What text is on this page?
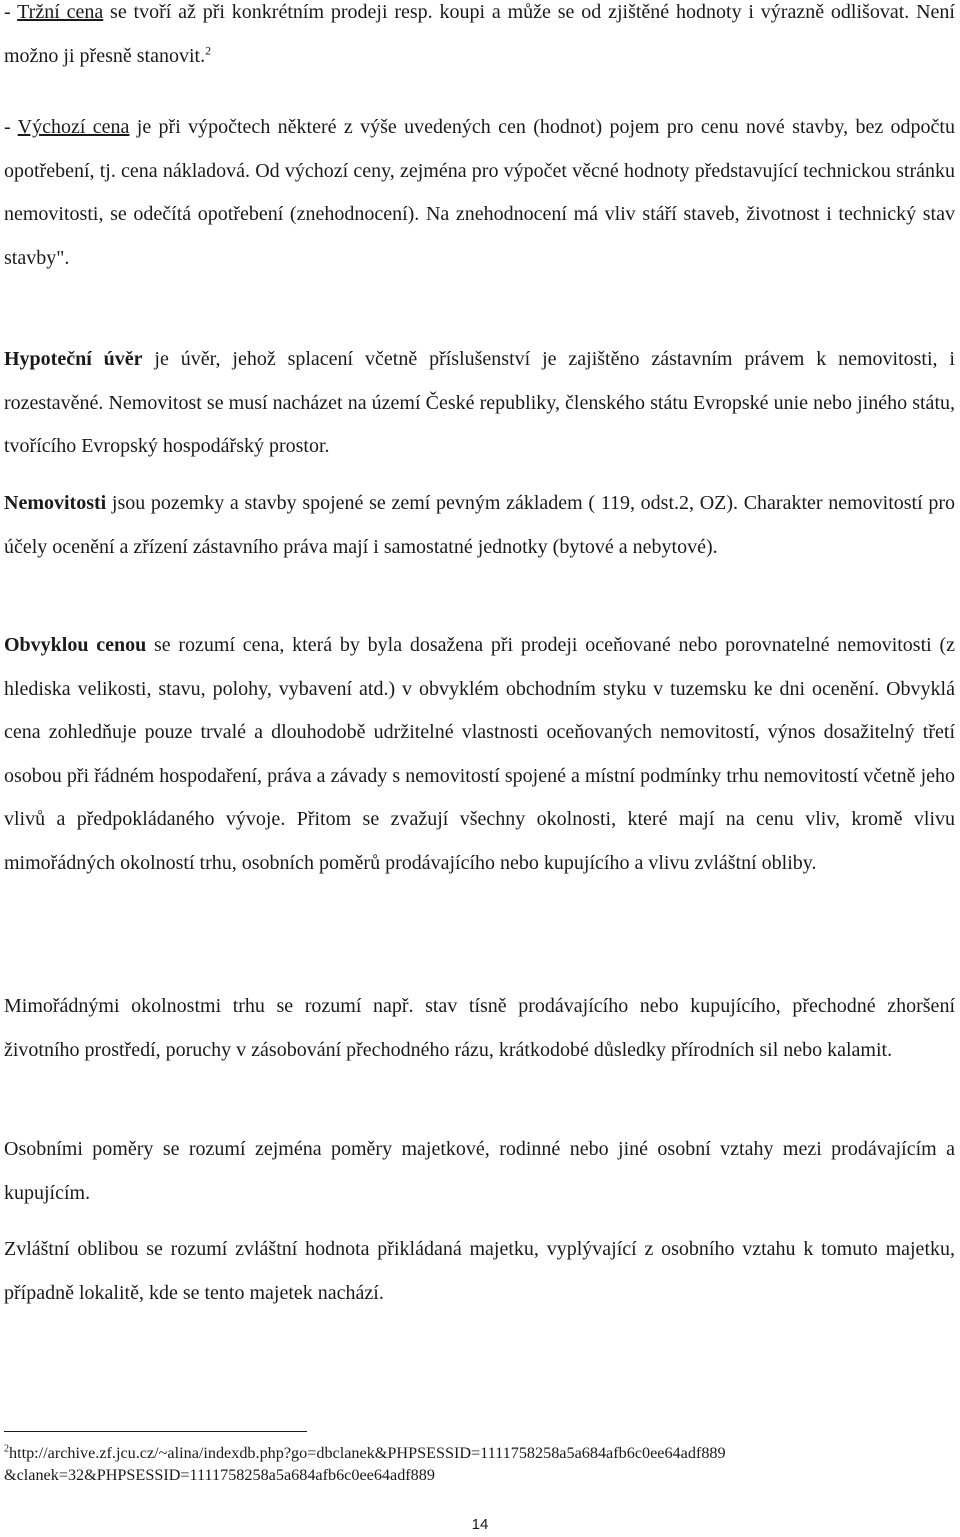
- Tržní cena se tvoří až při konkrétním prodeji resp. koupi a může se od zjištěné hodnoty i výrazně odlišovat. Není možno ji přesně stanovit.$^2$

- Výchozí cena je při výpočtech některé z výše uvedených cen (hodnot) pojem pro cenu nové stavby, bez odpočtu opotřebení, tj. cena nákladová. Od výchozí ceny, zejména pro výpočet věcné hodnoty představující technickou stránku nemovitosti, se odečítá opotřebení (znehodnocení). Na znehodnocení má vliv stáří staveb, životnost i technický stav stavby".

Hypoteční úvěr je úvěr, jehož splacení včetně příslušenství je zajištěno zástavním právem k nemovitosti, i rozestavěné. Nemovitost se musí nacházet na území České republiky, členského státu Evropské unie nebo jiného státu, tvořícího Evropský hospodářský prostor.

Nemovitosti jsou pozemky a stavby spojené se zemí pevným základem ( 119, odst.2, OZ). Charakter nemovitostí pro účely ocenění a zřízení zástavního práva mají i samostatné jednotky (bytové a nebytové).

Obvyklou cenou se rozumí cena, která by byla dosažena při prodeji oceňované nebo porovnatelné nemovitosti (z hlediska velikosti, stavu, polohy, vybavení atd.) v obvyklém obchodním styku v tuzemsku ke dni ocenění. Obvyklá cena zohledňuje pouze trvalé a dlouhodobě udržitelné vlastnosti oceňovaných nemovitostí, výnos dosažitelný třetí osobou při řádném hospodaření, práva a závady s nemovitostí spojené a místní podmínky trhu nemovitostí včetně jeho vlivů a předpokládaného vývoje. Přitom se zvažují všechny okolnosti, které mají na cenu vliv, kromě vlivu mimořádných okolností trhu, osobních poměrů prodávajícího nebo kupujícího a vlivu zvláštní obliby.

Mimořádnými okolnostmi trhu se rozumí např. stav tísně prodávajícího nebo kupujícího, přechodné zhoršení životního prostředí, poruchy v zásobování přechodného rázu, krátkodobé důsledky přírodních sil nebo kalamit.

Osobními poměry se rozumí zejména poměry majetkové, rodinné nebo jiné osobní vztahy mezi prodávajícím a kupujícím.

Zvláštní oblibou se rozumí zvláštní hodnota přikládaná majetku, vyplývající z osobního vztahu k tomuto majetku, případně lokalitě, kde se tento majetek nachází.

$^2$http://archive.zf.jcu.cz/~alina/indexdb.php?go=dbclanek&PHPSESSID=1111758258a5a684afb6c0ee64adf889
&clanek=32&PHPSESSID=1111758258a5a684afb6c0ee64adf889

14
